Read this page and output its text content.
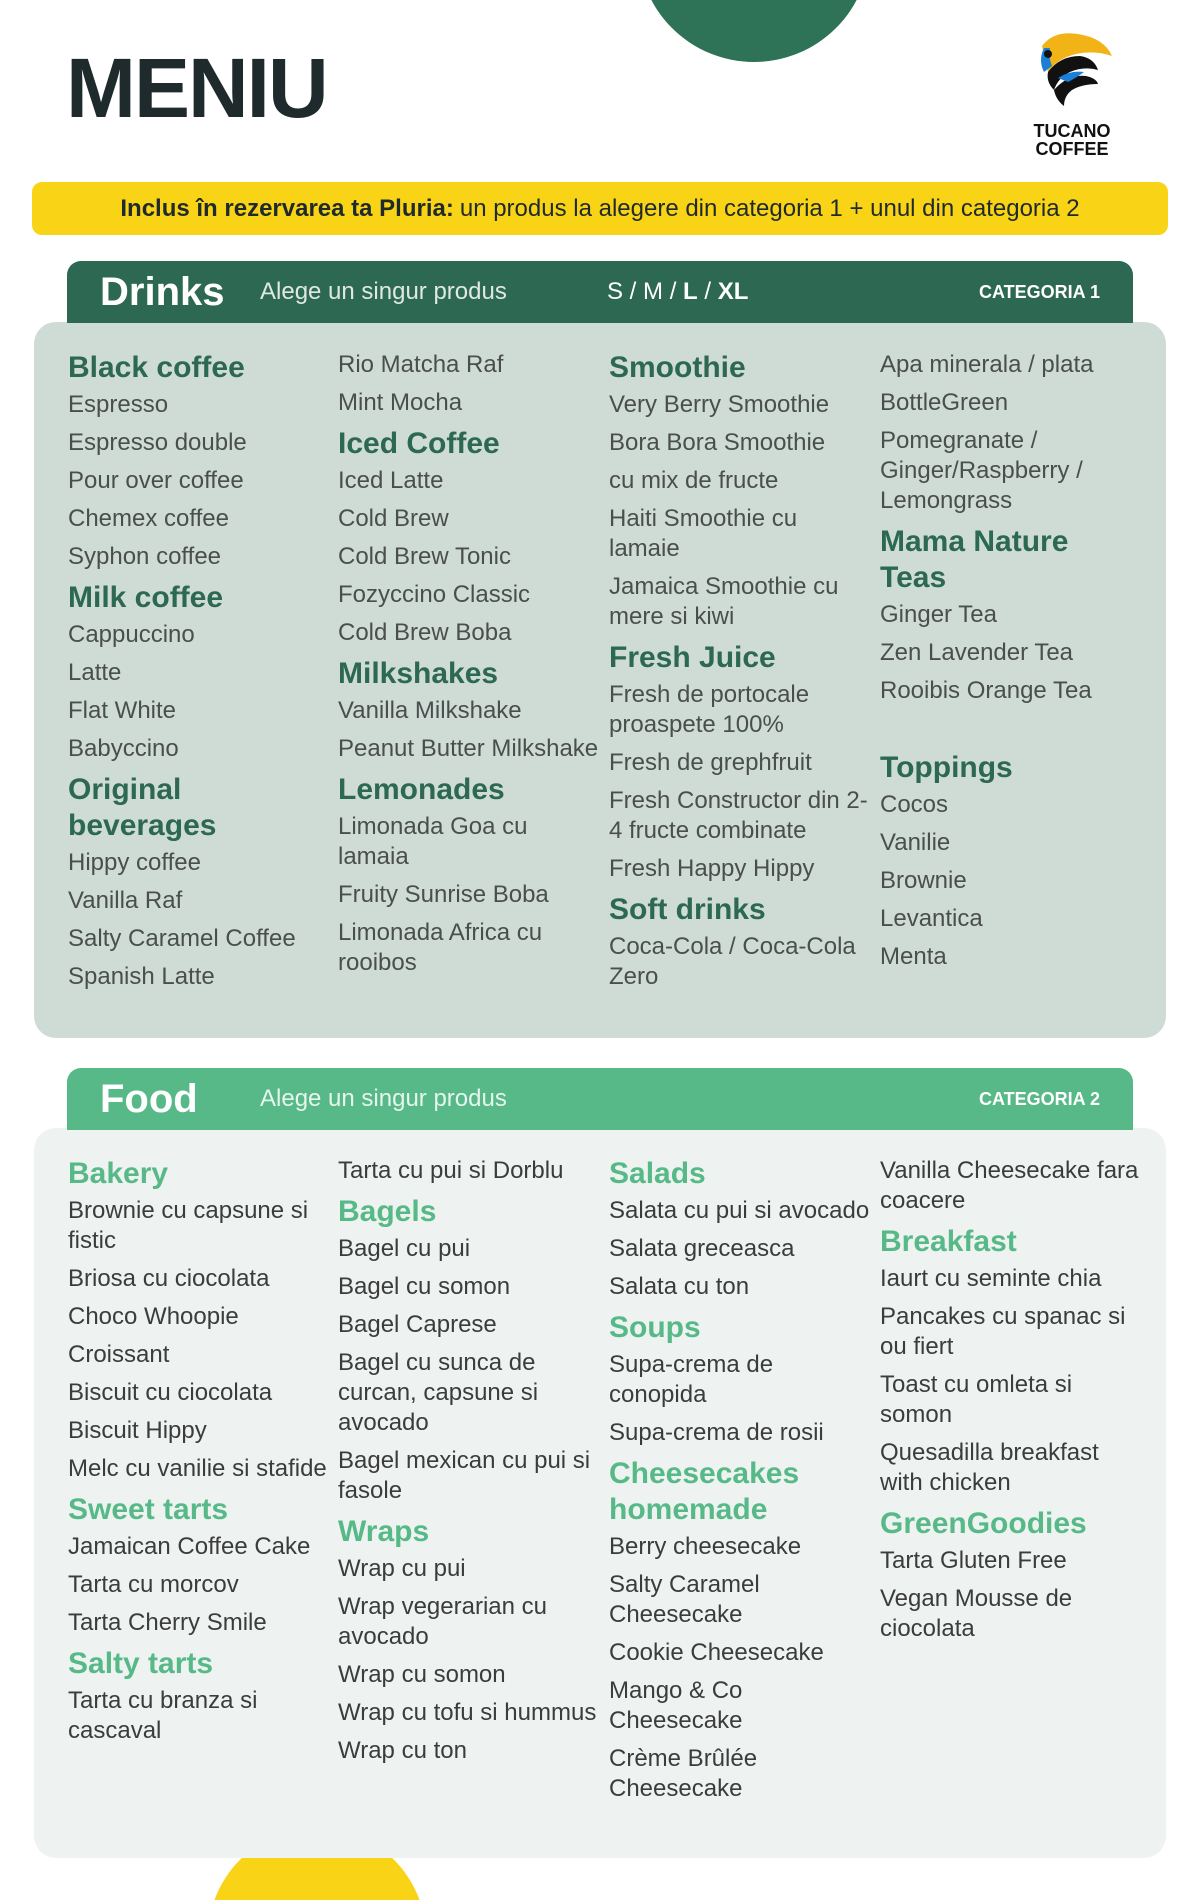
MENIU	TUCANO
COFFEE
Inclus în rezervarea ta Pluria: un produs la alegere din categoria 1 + unul din categoria 2
Drinks	Alege un singur produs	S / M / L / XL	CATEGORIA 1
Black coffee
Espresso
Espresso double
Pour over coffee
Chemex coffee
Syphon coffee
Milk coffee
Cappuccino
Latte
Flat White
Babyccino
Original beverages
Hippy coffee
Vanilla Raf
Salty Caramel Coffee
Spanish Latte
Rio Matcha Raf
Mint Mocha
Iced Coffee
Iced Latte
Cold Brew
Cold Brew Tonic
Fozyccino Classic
Cold Brew Boba
Milkshakes
Vanilla Milkshake
Peanut Butter Milkshake
Lemonades
Limonada Goa cu lamaia
Fruity Sunrise Boba
Limonada Africa cu rooibos
Smoothie
Very Berry Smoothie
Bora Bora Smoothie
cu mix de fructe
Haiti Smoothie cu lamaie
Jamaica Smoothie cu mere si kiwi
Fresh Juice
Fresh de portocale proaspete 100%
Fresh de grephfruit
Fresh Constructor din 2-4 fructe combinate
Fresh Happy Hippy
Soft drinks
Coca-Cola / Coca-Cola Zero
Apa minerala / plata
BottleGreen
Pomegranate / Ginger/Raspberry / Lemongrass
Mama Nature Teas
Ginger Tea
Zen Lavender Tea
Rooibis Orange Tea
Toppings
Cocos
Vanilie
Brownie
Levantica
Menta
Food	Alege un singur produs	CATEGORIA 2
Bakery
Brownie cu capsune si fistic
Briosa cu ciocolata
Choco Whoopie
Croissant
Biscuit cu ciocolata
Biscuit Hippy
Melc cu vanilie si stafide
Sweet tarts
Jamaican Coffee Cake
Tarta cu morcov
Tarta Cherry Smile
Salty tarts
Tarta cu branza si cascaval
Tarta cu pui si Dorblu
Bagels
Bagel cu pui
Bagel cu somon
Bagel Caprese
Bagel cu sunca de curcan, capsune si avocado
Bagel mexican cu pui si fasole
Wraps
Wrap cu pui
Wrap vegerarian cu avocado
Wrap cu somon
Wrap cu tofu si hummus
Wrap cu ton
Salads
Salata cu pui si avocado
Salata greceasca
Salata cu ton
Soups
Supa-crema de conopida
Supa-crema de rosii
Cheesecakes homemade
Berry cheesecake
Salty Caramel Cheesecake
Cookie Cheesecake
Mango & Co Cheesecake
Crème Brûlée Cheesecake
Vanilla Cheesecake fara coacere
Breakfast
Iaurt cu seminte chia
Pancakes cu spanac si ou fiert
Toast cu omleta si somon
Quesadilla breakfast with chicken
GreenGoodies
Tarta Gluten Free
Vegan Mousse de ciocolata
